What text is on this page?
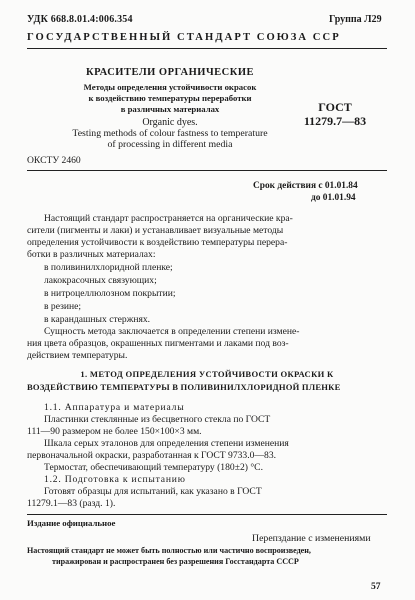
УДК 668.8.01.4:006.354	Группа Л29
ГОСУДАРСТВЕННЫЙ СТАНДАРТ СОЮЗА ССР
КРАСИТЕЛИ ОРГАНИЧЕСКИЕ
Методы определения устойчивости окрасок
к воздействию температуры переработки
в различных материалах
Organic dyes.
Testing methods of colour fastness to temperature
of processing in different media
ГОСТ
11279.7—83
ОКСТУ 2460
Срок действия с 01.01.84
до 01.01.94
Настоящий стандарт распространяется на органические кра-
сители (пигменты и лаки) и устанавливает визуальные методы
определения устойчивости к воздействию температуры перера-
ботки в различных материалах:
в поливинилхлоридной пленке;
лакокрасочных связующих;
в нитроцеллюлозном покрытии;
в резине;
в карандашных стержнях.
Сущность метода заключается в определении степени измене-
ния цвета образцов, окрашенных пигментами и лаками под воз-
действием температуры.
1. МЕТОД ОПРЕДЕЛЕНИЯ УСТОЙЧИВОСТИ ОКРАСКИ К
ВОЗДЕЙСТВИЮ ТЕМПЕРАТУРЫ В ПОЛИВИНИЛХЛОРИДНОЙ ПЛЕНКЕ
1.1. Аппаратура и материалы
Пластинки стеклянные из бесцветного стекла по ГОСТ
111—90 размером не более 150×100×3 мм.
Шкала серых эталонов для определения степени изменения
первоначальной окраски, разработанная к ГОСТ 9733.0—83.
Термостат, обеспечивающий температуру (180±2) °С.
1.2. Подготовка к испытанию
Готовят образцы для испытаний, как указано в ГОСТ
11279.1—83 (разд. 1).
Издание официальное
Перепздание с изменениями
Настоящий стандарт не может быть полностью или частично воспроизведен,
тиражирован и распространен без разрешения Госстандарта СССР
57
